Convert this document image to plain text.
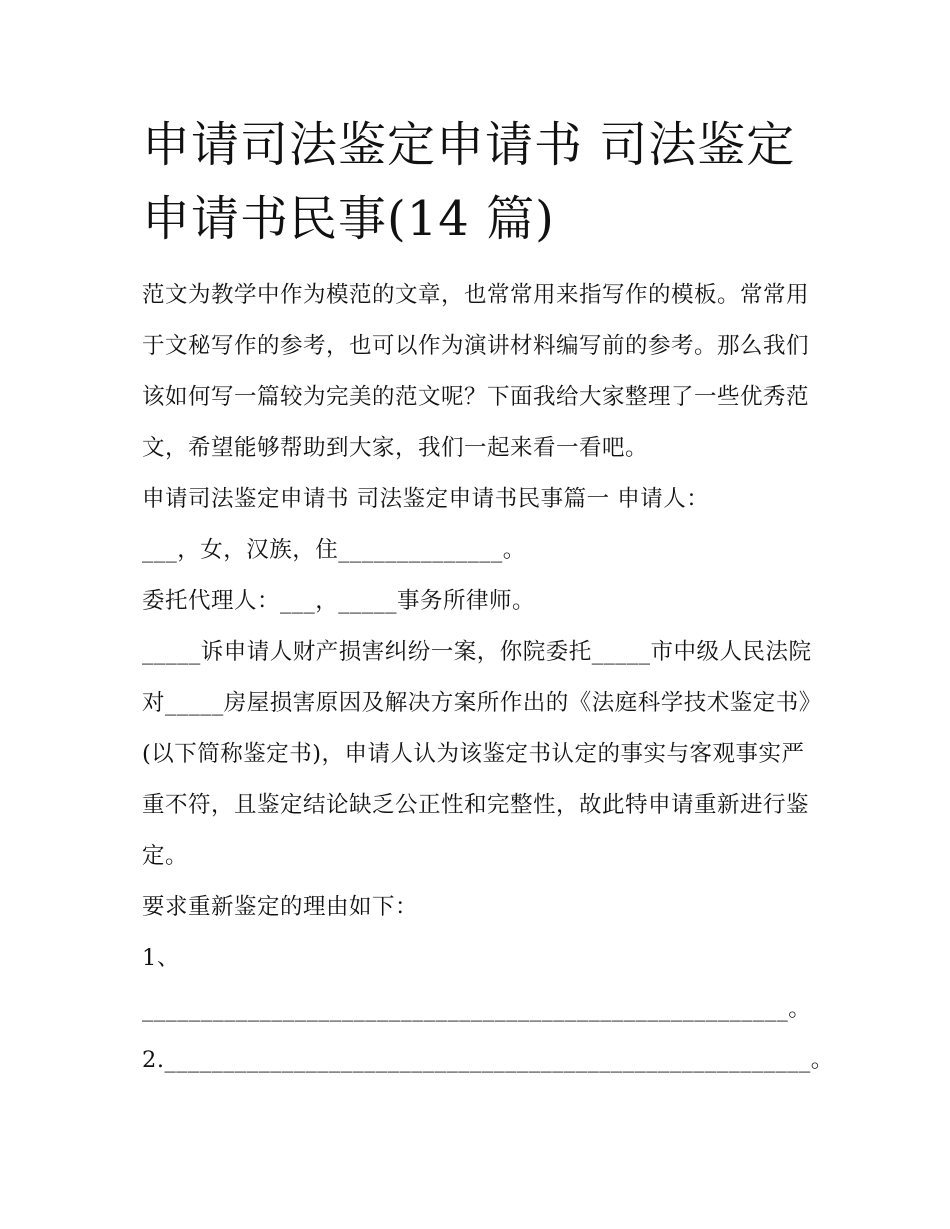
申请司法鉴定申请书 司法鉴定申请书民事(14 篇)

范文为教学中作为模范的文章，也常常用来指写作的模板。常常用于文秘写作的参考，也可以作为演讲材料编写前的参考。那么我们该如何写一篇较为完美的范文呢？下面我给大家整理了一些优秀范文，希望能够帮助到大家，我们一起来看一看吧。

申请司法鉴定申请书 司法鉴定申请书民事篇一 申请人：

___，女，汉族，住______________。

委托代理人：___，_____事务所律师。

_____诉申请人财产损害纠纷一案，你院委托_____市中级人民法院对_____房屋损害原因及解决方案所作出的《法庭科学技术鉴定书》(以下简称鉴定书)，申请人认为该鉴定书认定的事实与客观事实严重不符，且鉴定结论缺乏公正性和完整性，故此特申请重新进行鉴定。

要求重新鉴定的理由如下：

1、_______________________________________________________。

2._______________________________________________________。
